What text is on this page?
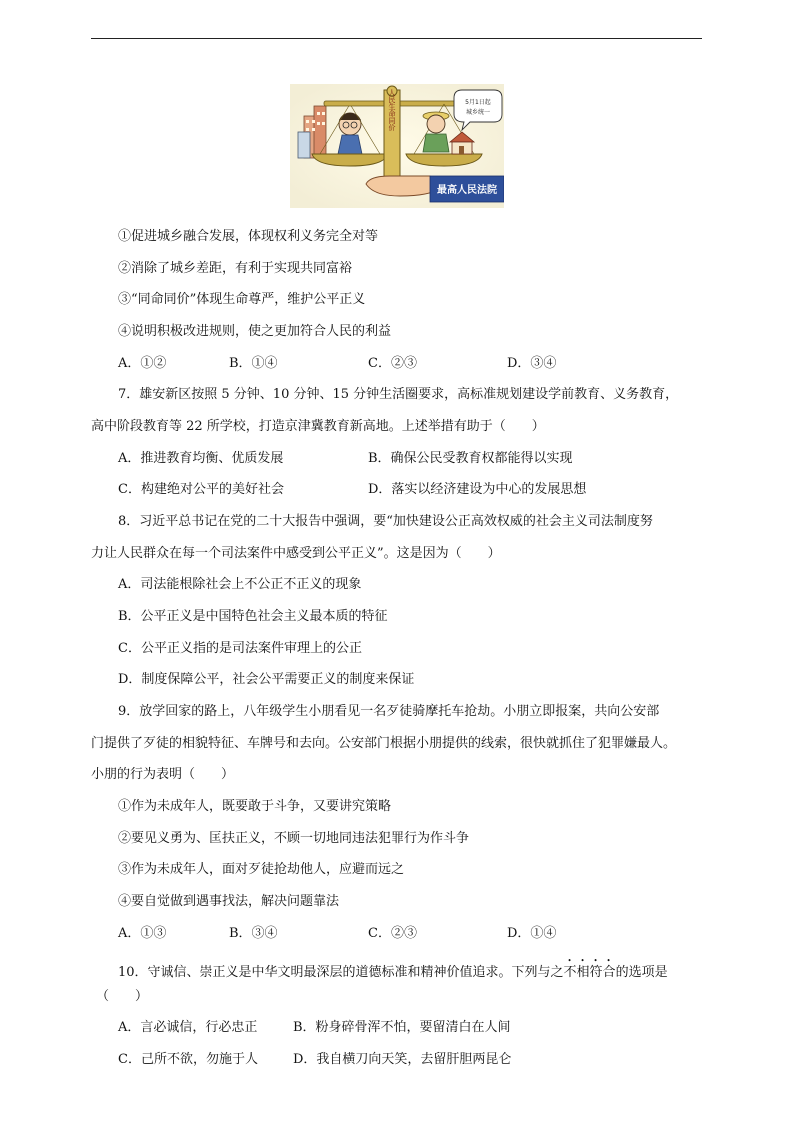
人民生命同价	5月1日起
城乡统一
最高人民法院
①促进城乡融合发展，体现权利义务完全对等
②消除了城乡差距，有利于实现共同富裕
③“同命同价”体现生命尊严，维护公平正义
④说明积极改进规则，使之更加符合人民的利益
A．①②	B．①④	C．②③	D．③④
7．雄安新区按照 5 分钟、10 分钟、15 分钟生活圈要求，高标准规划建设学前教育、义务教育，
高中阶段教育等 22 所学校，打造京津冀教育新高地。上述举措有助于（　　）
A．推进教育均衡、优质发展	B．确保公民受教育权都能得以实现
C．构建绝对公平的美好社会	D．落实以经济建设为中心的发展思想
8．习近平总书记在党的二十大报告中强调，要“加快建设公正高效权威的社会主义司法制度努
力让人民群众在每一个司法案件中感受到公平正义”。这是因为（　　）
A．司法能根除社会上不公正不正义的现象
B．公平正义是中国特色社会主义最本质的特征
C．公平正义指的是司法案件审理上的公正
D．制度保障公平，社会公平需要正义的制度来保证
9．放学回家的路上，八年级学生小朋看见一名歹徒骑摩托车抢劫。小朋立即报案，共向公安部
门提供了歹徒的相貌特征、车牌号和去向。公安部门根据小朋提供的线索，很快就抓住了犯罪嫌最人。
小朋的行为表明（　　）
①作为未成年人，既要敢于斗争，又要讲究策略
②要见义勇为、匡扶正义，不顾一切地同违法犯罪行为作斗争
③作为未成年人，面对歹徒抢劫他人，应避而远之
④要自觉做到遇事找法，解决问题靠法
A．①③	B．③④	C．②③	D．①④
10．守诚信、崇正义是中华文明最深层的道德标准和精神价值追求。下列与之不相符合的选项是
（　　）
A．言必诚信，行必忠正	B．粉身碎骨浑不怕，要留清白在人间
C．己所不欲，勿施于人	D．我自横刀向天笑，去留肝胆两昆仑
